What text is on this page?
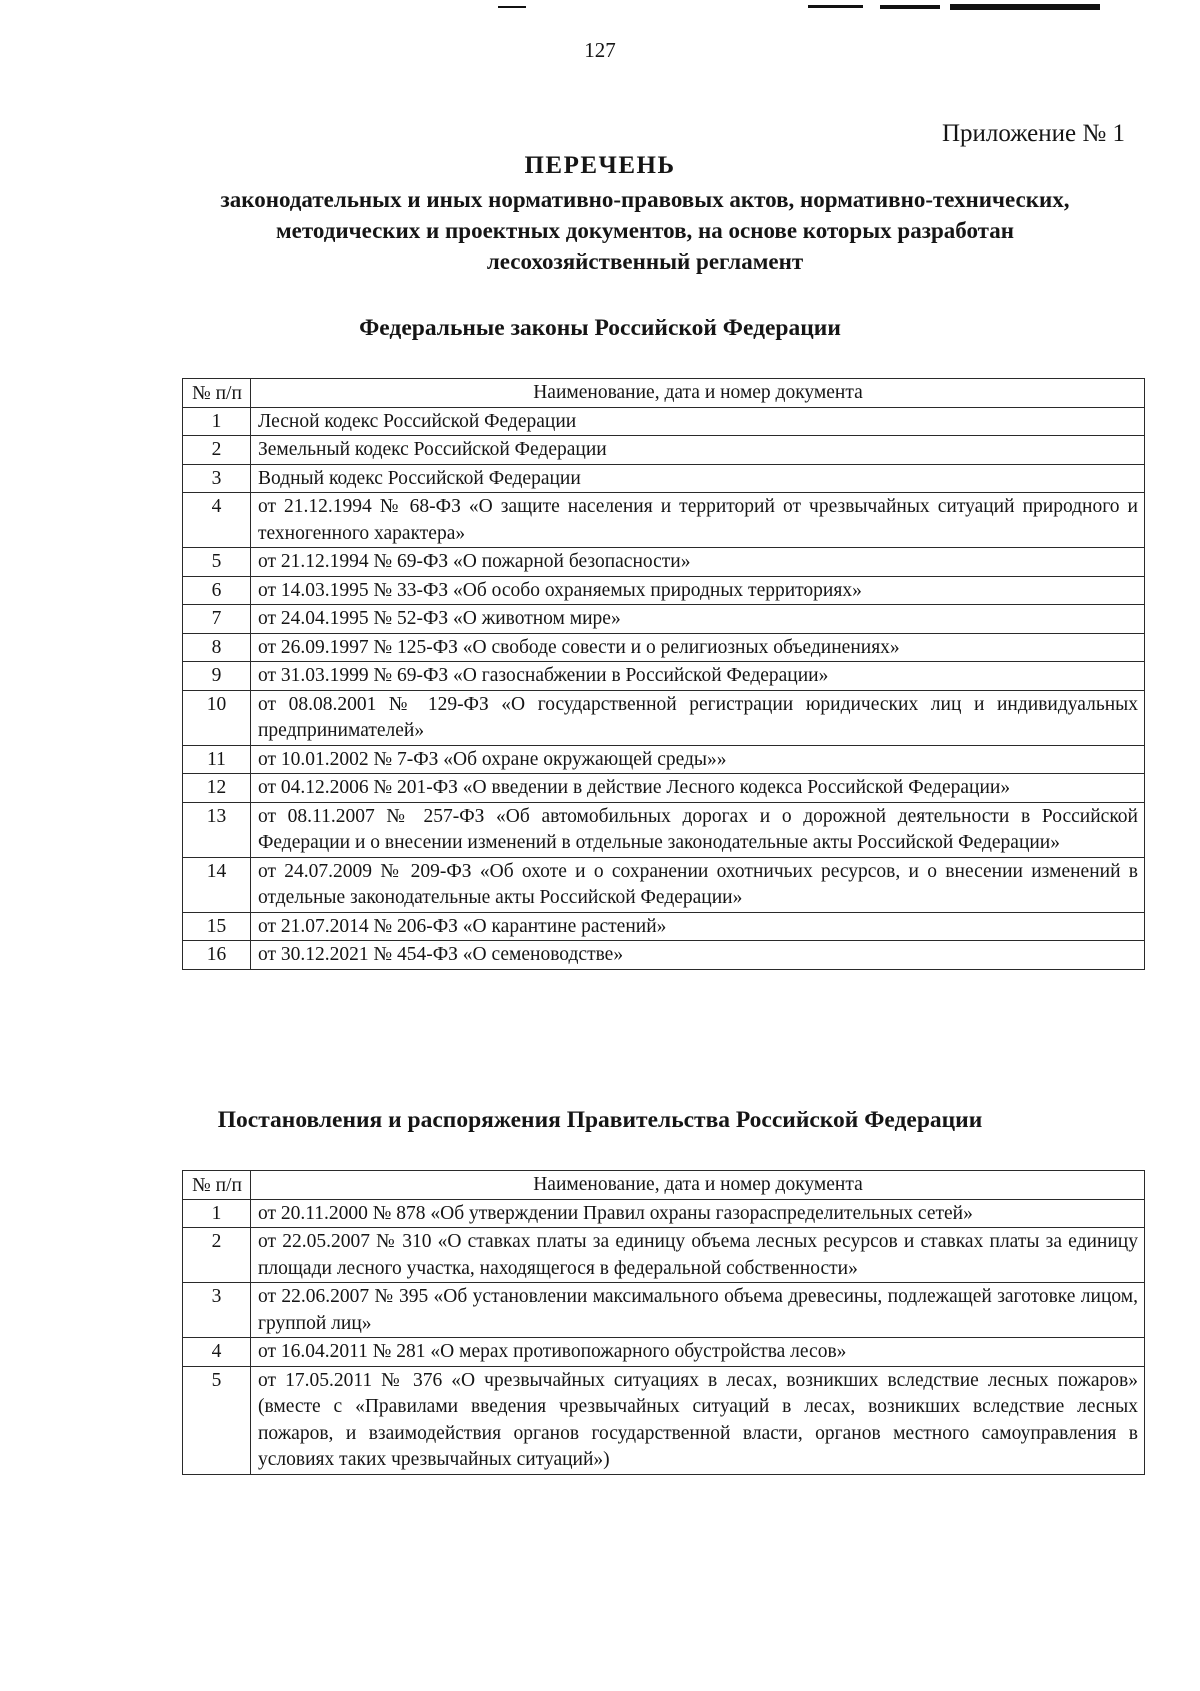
127
Приложение № 1
ПЕРЕЧЕНЬ
законодательных и иных нормативно-правовых актов, нормативно-технических, методических и проектных документов, на основе которых разработан лесохозяйственный регламент
Федеральные законы Российской Федерации
№ п/п	Наименование, дата и номер документа
1	Лесной кодекс Российской Федерации
2	Земельный кодекс Российской Федерации
3	Водный кодекс Российской Федерации
4	от 21.12.1994 № 68-ФЗ «О защите населения и территорий от чрезвычайных ситуаций природного и техногенного характера»
5	от 21.12.1994 № 69-ФЗ «О пожарной безопасности»
6	от 14.03.1995 № 33-ФЗ «Об особо охраняемых природных территориях»
7	от 24.04.1995 № 52-ФЗ «О животном мире»
8	от 26.09.1997 № 125-ФЗ «О свободе совести и о религиозных объединениях»
9	от 31.03.1999 № 69-ФЗ «О газоснабжении в Российской Федерации»
10	от 08.08.2001 № 129-ФЗ «О государственной регистрации юридических лиц и индивидуальных предпринимателей»
11	от 10.01.2002 № 7-ФЗ «Об охране окружающей среды»»
12	от 04.12.2006 № 201-ФЗ «О введении в действие Лесного кодекса Российской Федерации»
13	от 08.11.2007 № 257-ФЗ «Об автомобильных дорогах и о дорожной деятельности в Российской Федерации и о внесении изменений в отдельные законодательные акты Российской Федерации»
14	от 24.07.2009 № 209-ФЗ «Об охоте и о сохранении охотничьих ресурсов, и о внесении изменений в отдельные законодательные акты Российской Федерации»
15	от 21.07.2014 № 206-ФЗ «О карантине растений»
16	от 30.12.2021 № 454-ФЗ «О семеноводстве»
Постановления и распоряжения Правительства Российской Федерации
№ п/п	Наименование, дата и номер документа
1	от 20.11.2000 № 878 «Об утверждении Правил охраны газораспределительных сетей»
2	от 22.05.2007 № 310 «О ставках платы за единицу объема лесных ресурсов и ставках платы за единицу площади лесного участка, находящегося в федеральной собственности»
3	от 22.06.2007 № 395 «Об установлении максимального объема древесины, подлежащей заготовке лицом, группой лиц»
4	от 16.04.2011 № 281 «О мерах противопожарного обустройства лесов»
5	от 17.05.2011 № 376 «О чрезвычайных ситуациях в лесах, возникших вследствие лесных пожаров» (вместе с «Правилами введения чрезвычайных ситуаций в лесах, возникших вследствие лесных пожаров, и взаимодействия органов государственной власти, органов местного самоуправления в условиях таких чрезвычайных ситуаций»)
